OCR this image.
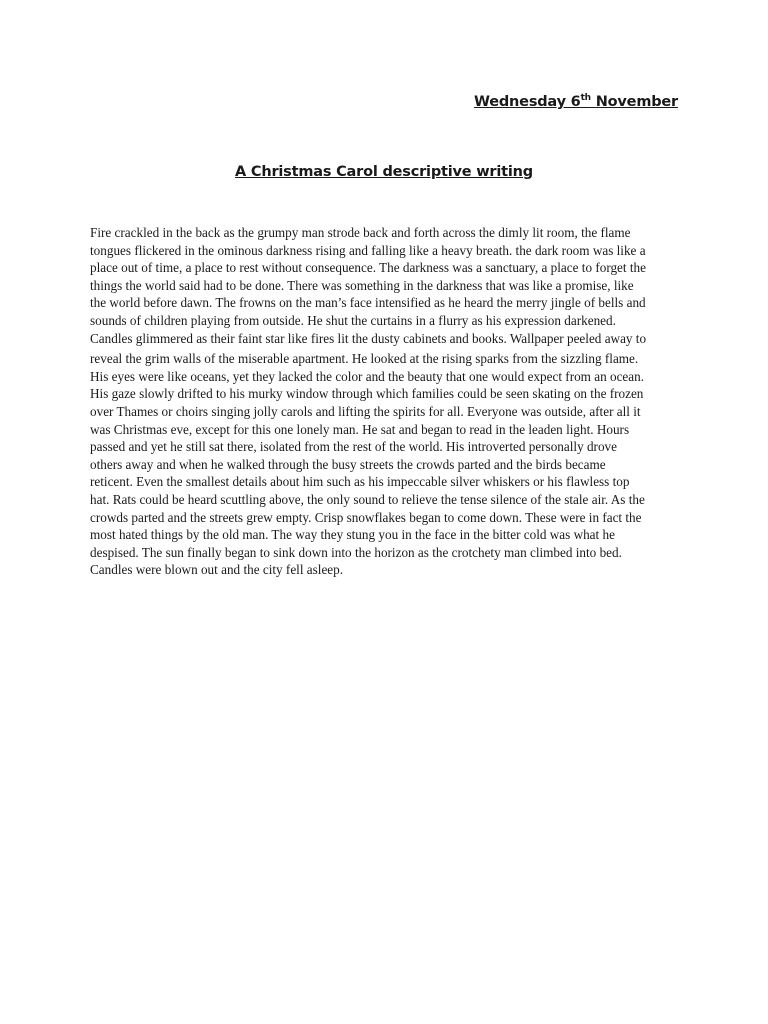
Wednesday 6th November
A Christmas Carol descriptive writing

Fire crackled in the back as the grumpy man strode back and forth across the dimly lit room, the flame

tongues flickered in the ominous darkness rising and falling like a heavy breath. the dark room was like a

place out of time, a place to rest without consequence. The darkness was a sanctuary, a place to forget the

things the world said had to be done. There was something in the darkness that was like a promise, like

the world before dawn. The frowns on the man’s face intensified as he heard the merry jingle of bells and

sounds of children playing from outside. He shut the curtains in a flurry as his expression darkened.

Candles glimmered as their faint star like fires lit the dusty cabinets and books. Wallpaper peeled away to

reveal the grim walls of the miserable apartment. He looked at the rising sparks from the sizzling flame.

His eyes were like oceans, yet they lacked the color and the beauty that one would expect from an ocean.

His gaze slowly drifted to his murky window through which families could be seen skating on the frozen

over Thames or choirs singing jolly carols and lifting the spirits for all. Everyone was outside, after all it

was Christmas eve, except for this one lonely man. He sat and began to read in the leaden light. Hours

passed and yet he still sat there, isolated from the rest of the world. His introverted personally drove

others away and when he walked through the busy streets the crowds parted and the birds became

reticent. Even the smallest details about him such as his impeccable silver whiskers or his flawless top

hat. Rats could be heard scuttling above, the only sound to relieve the tense silence of the stale air. As the

crowds parted and the streets grew empty. Crisp snowflakes began to come down. These were in fact the

most hated things by the old man. The way they stung you in the face in the bitter cold was what he

despised. The sun finally began to sink down into the horizon as the crotchety man climbed into bed.

Candles were blown out and the city fell asleep.
